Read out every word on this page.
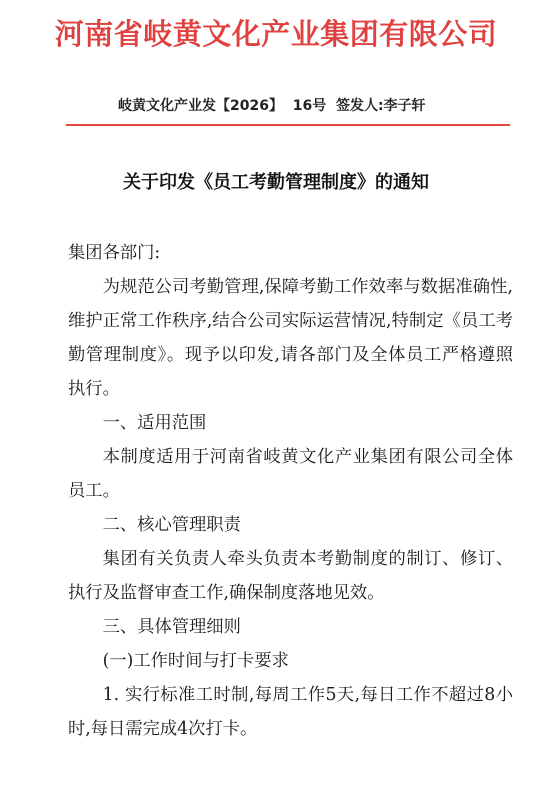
河南省岐黄文化产业集团有限公司
岐黄文化产业发【2026】  16号  签发人:李子轩
关于印发《员工考勤管理制度》的通知

集团各部门:

为规范公司考勤管理,保障考勤工作效率与数据准确性,维护正常工作秩序,结合公司实际运营情况,特制定《员工考勤管理制度》。现予以印发,请各部门及全体员工严格遵照执行。

一、适用范围

本制度适用于河南省岐黄文化产业集团有限公司全体员工。

二、核心管理职责

集团有关负责人牵头负责本考勤制度的制订、修订、执行及监督审查工作,确保制度落地见效。

三、具体管理细则

(一)工作时间与打卡要求

1. 实行标准工时制,每周工作5天,每日工作不超过8小时,每日需完成4次打卡。
